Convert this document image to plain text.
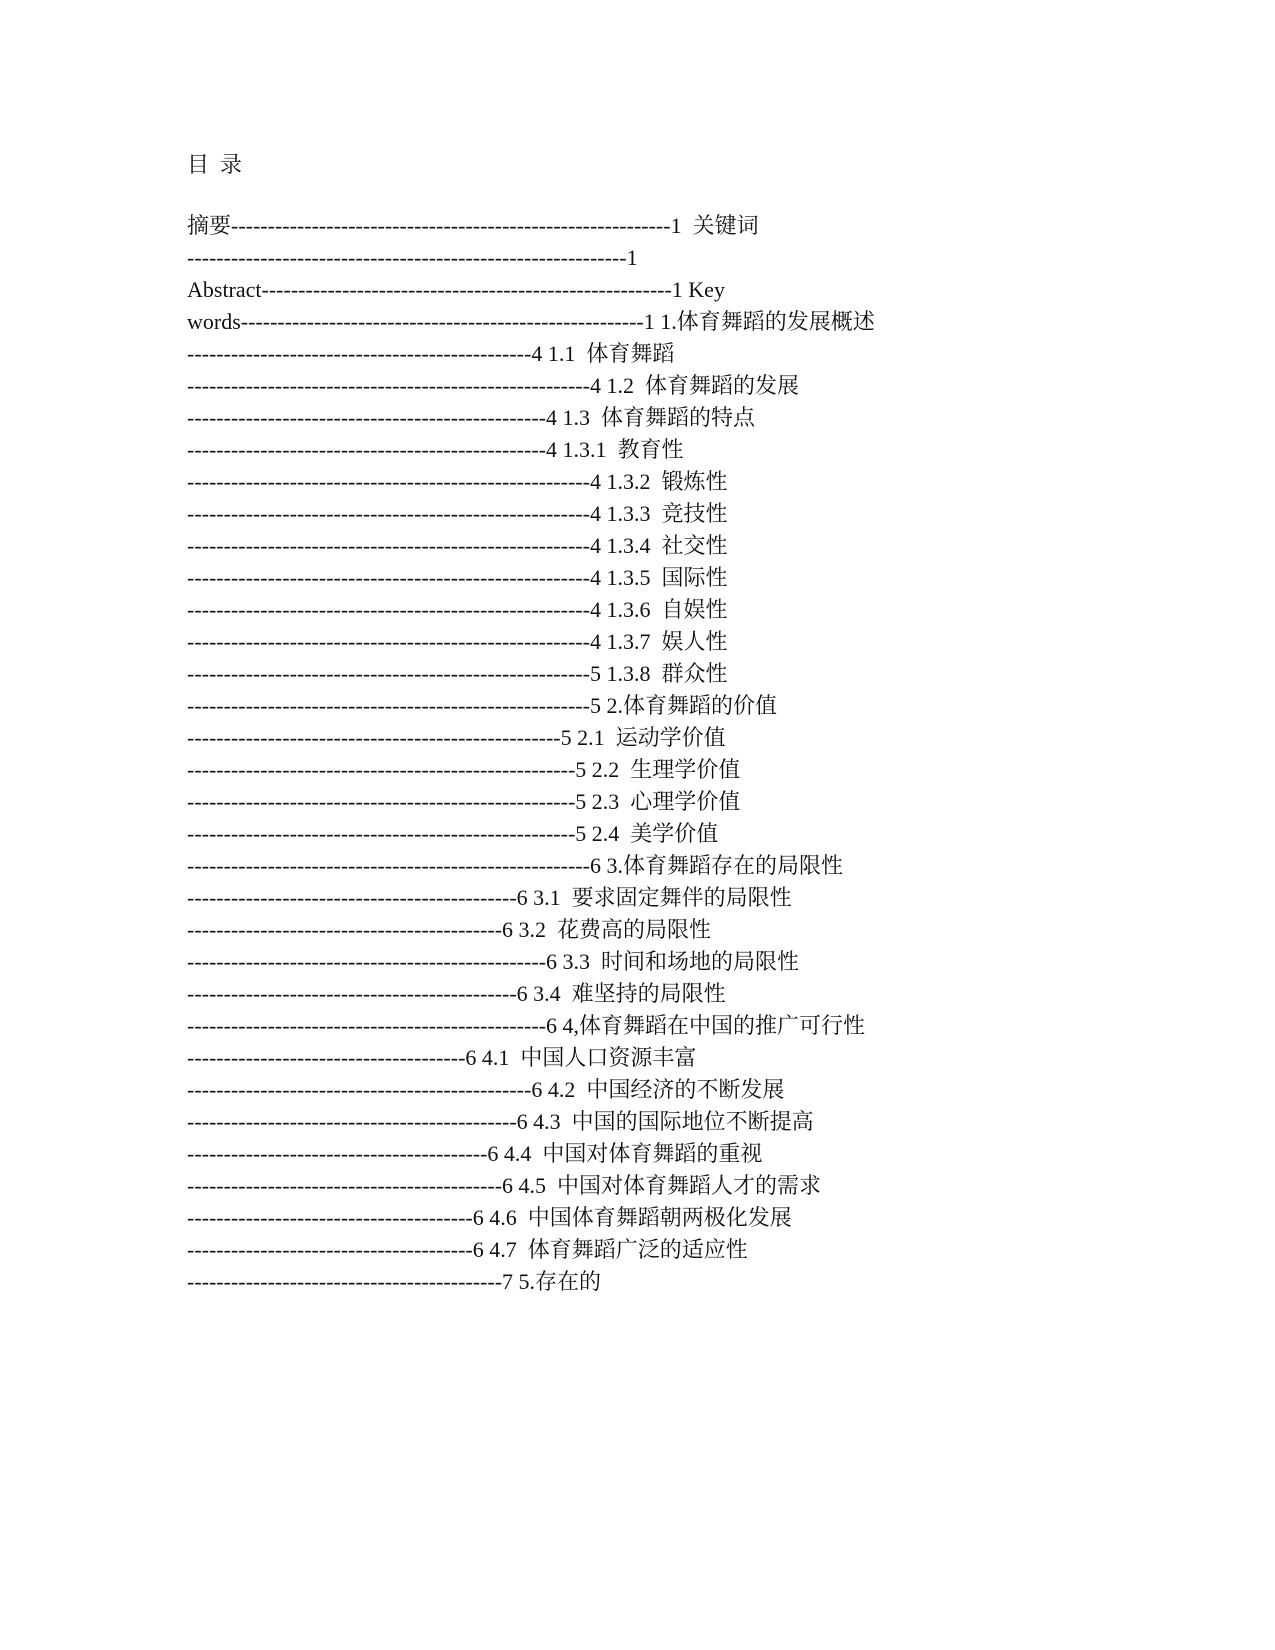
目  录
摘要------------------------------------------------------------1  关键词
------------------------------------------------------------1
Abstract--------------------------------------------------------1 Key
words-------------------------------------------------------1 1.体育舞蹈的发展概述
-----------------------------------------------4 1.1  体育舞蹈
-------------------------------------------------------4 1.2  体育舞蹈的发展
-------------------------------------------------4 1.3  体育舞蹈的特点
-------------------------------------------------4 1.3.1  教育性
-------------------------------------------------------4 1.3.2  锻炼性
-------------------------------------------------------4 1.3.3  竞技性
-------------------------------------------------------4 1.3.4  社交性
-------------------------------------------------------4 1.3.5  国际性
-------------------------------------------------------4 1.3.6  自娱性
-------------------------------------------------------4 1.3.7  娱人性
-------------------------------------------------------5 1.3.8  群众性
-------------------------------------------------------5 2.体育舞蹈的价值
---------------------------------------------------5 2.1  运动学价值
-----------------------------------------------------5 2.2  生理学价值
-----------------------------------------------------5 2.3  心理学价值
-----------------------------------------------------5 2.4  美学价值
-------------------------------------------------------6 3.体育舞蹈存在的局限性
---------------------------------------------6 3.1  要求固定舞伴的局限性
-------------------------------------------6 3.2  花费高的局限性
-------------------------------------------------6 3.3  时间和场地的局限性
---------------------------------------------6 3.4  难坚持的局限性
-------------------------------------------------6 4,体育舞蹈在中国的推广可行性
--------------------------------------6 4.1  中国人口资源丰富
-----------------------------------------------6 4.2  中国经济的不断发展
---------------------------------------------6 4.3  中国的国际地位不断提高
-----------------------------------------6 4.4  中国对体育舞蹈的重视
-------------------------------------------6 4.5  中国对体育舞蹈人才的需求
---------------------------------------6 4.6  中国体育舞蹈朝两极化发展
---------------------------------------6 4.7  体育舞蹈广泛的适应性
-------------------------------------------7 5.存在的
